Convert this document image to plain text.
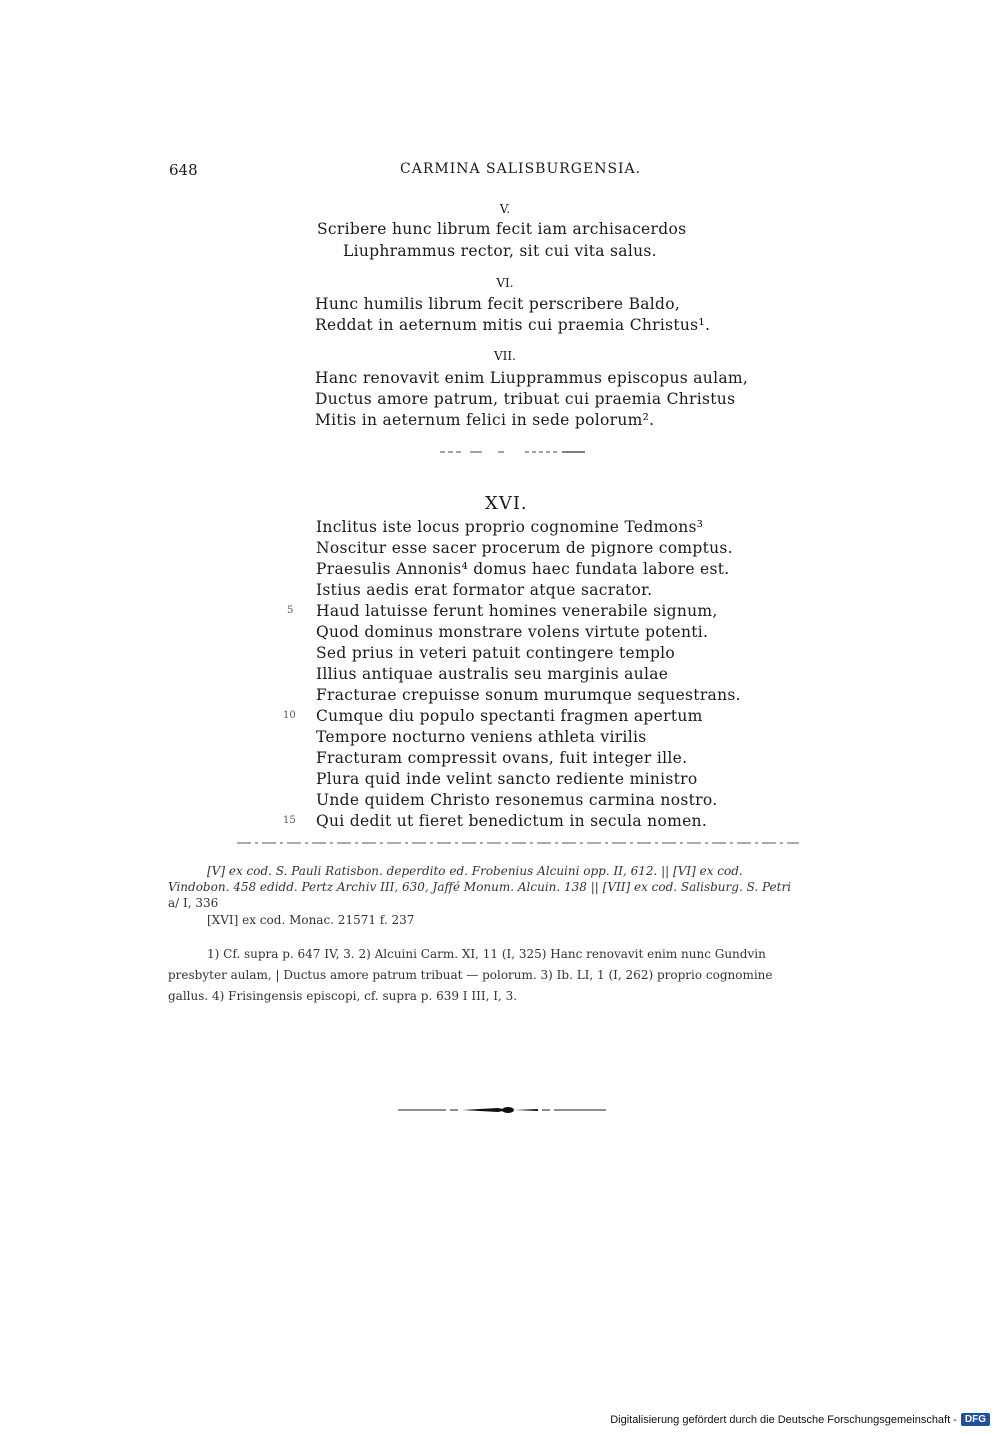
648	CARMINA SALISBURGENSIA.
V.
Scribere hunc librum fecit iam archisacerdos
Liuphrammus rector, sit cui vita salus.
VI.
Hunc humilis librum fecit perscribere Baldo,
Reddat in aeternum mitis cui praemia Christus¹.
VII.
Hanc renovavit enim Liupprammus episcopus aulam,
Ductus amore patrum, tribuat cui praemia Christus
Mitis in aeternum felici in sede polorum².
XVI.
Inclitus iste locus proprio cognomine Tedmons³
Noscitur esse sacer procerum de pignore comptus.
Praesulis Annonis⁴ domus haec fundata labore est.
Istius aedis erat formator atque sacrator.
5 Haud latuisse ferunt homines venerabile signum,
Quod dominus monstrare volens virtute potenti.
Sed prius in veteri patuit contingere templo
Illius antiquae australis seu marginis aulae
Fracturae crepuisse sonum murumque sequestrans.
10 Cumque diu populo spectanti fragmen apertum
Tempore nocturno veniens athleta virilis
Fracturam compressit ovans, fuit integer ille.
Plura quid inde velint sancto rediente ministro
Unde quidem Christo resonemus carmina nostro.
15 Qui dedit ut fieret benedictum in secula nomen.
[V] ex cod. S. Pauli Ratisbon. deperdito ed. Frobenius Alcuini opp. II, 612. || [VI] ex cod.
Vindobon. 458 edidd. Pertz Archiv III, 630, Jaffé Monum. Alcuin. 138 || [VII] ex cod. Salisburg. S. Petri
a/ I, 336
[XVI] ex cod. Monac. 21571 f. 237
1) Cf. supra p. 647 IV, 3. 2) Alcuini Carm. XI, 11 (I, 325) Hanc renovavit enim nunc Gundvin
presbyter aulam, | Ductus amore patrum tribuat — polorum. 3) Ib. LI, 1 (I, 262) proprio cognomine
gallus. 4) Frisingensis episcopi, cf. supra p. 639 I III, I, 3.
Digitalisierung gefördert durch die Deutsche Forschungsgemeinschaft - DFG
